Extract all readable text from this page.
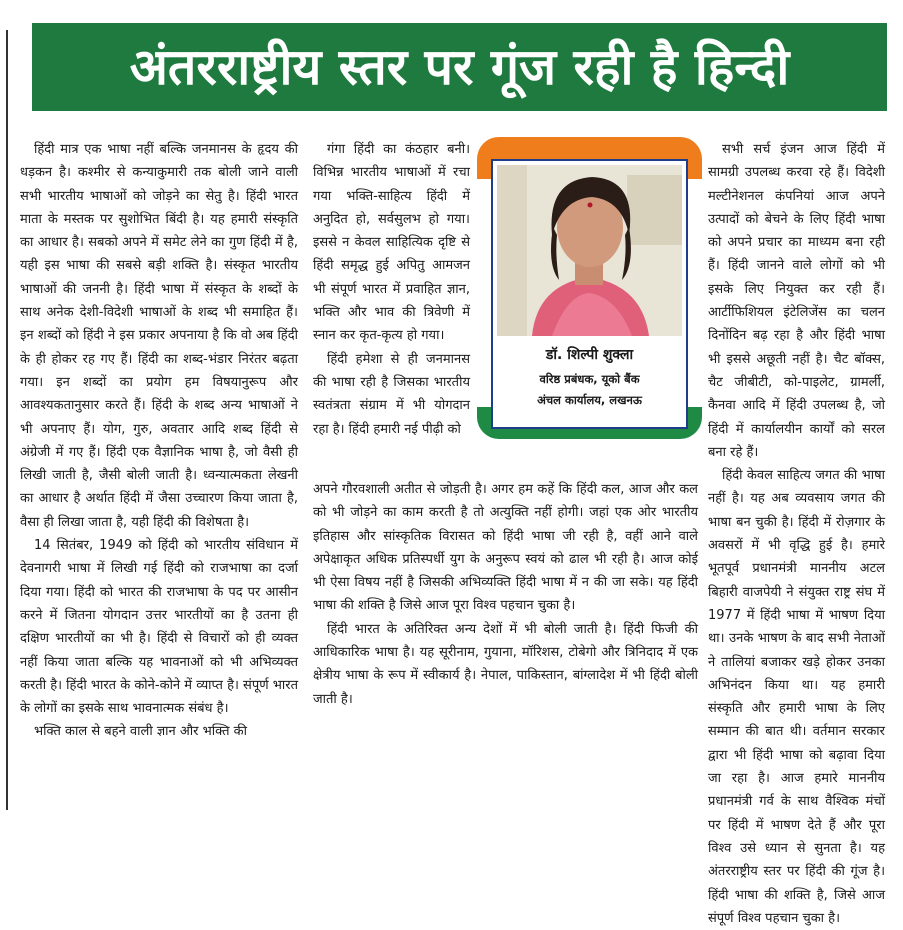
अंतरराष्ट्रीय स्तर पर गूंज रही है हिन्दी

हिंदी मात्र एक भाषा नहीं बल्कि जनमानस के हृदय की धड़कन है। कश्मीर से कन्याकुमारी तक बोली जाने वाली सभी भारतीय भाषाओं को जोड़ने का सेतु है। हिंदी भारत माता के मस्तक पर सुशोभित बिंदी है। यह हमारी संस्कृति का आधार है। सबको अपने में समेट लेने का गुण हिंदी में है, यही इस भाषा की सबसे बड़ी शक्ति है। संस्कृत भारतीय भाषाओं की जननी है। हिंदी भाषा में संस्कृत के शब्दों के साथ अनेक देशी-विदेशी भाषाओं के शब्द भी समाहित हैं। इन शब्दों को हिंदी ने इस प्रकार अपनाया है कि वो अब हिंदी के ही होकर रह गए हैं। हिंदी का शब्द-भंडार निरंतर बढ़ता गया। इन शब्दों का प्रयोग हम विषयानुरूप और आवश्यकतानुसार करते हैं। हिंदी के शब्द अन्य भाषाओं ने भी अपनाए हैं। योग, गुरु, अवतार आदि शब्द हिंदी से अंग्रेजी में गए हैं। हिंदी एक वैज्ञानिक भाषा है, जो वैसी ही लिखी जाती है, जैसी बोली जाती है। ध्वन्यात्मकता लेखनी का आधार है अर्थात हिंदी में जैसा उच्चारण किया जाता है, वैसा ही लिखा जाता है, यही हिंदी की विशेषता है।

14 सितंबर, 1949 को हिंदी को भारतीय संविधान में देवनागरी भाषा में लिखी गई हिंदी को राजभाषा का दर्जा दिया गया। हिंदी को भारत की राजभाषा के पद पर आसीन करने में जितना योगदान उत्तर भारतीयों का है उतना ही दक्षिण भारतीयों का भी है। हिंदी से विचारों को ही व्यक्त नहीं किया जाता बल्कि यह भावनाओं को भी अभिव्यक्त करती है। हिंदी भारत के कोने-कोने में व्याप्त है। संपूर्ण भारत के लोगों का इसके साथ भावनात्मक संबंध है।

भक्ति काल से बहने वाली ज्ञान और भक्ति की

गंगा हिंदी का कंठहार बनी। विभिन्न भारतीय भाषाओं में रचा गया भक्ति-साहित्य हिंदी में अनुदित हो, सर्वसुलभ हो गया। इससे न केवल साहित्यिक दृष्टि से हिंदी समृद्ध हुई अपितु आमजन भी संपूर्ण भारत में प्रवाहित ज्ञान, भक्ति और भाव की त्रिवेणी में स्नान कर कृत-कृत्य हो गया।

हिंदी हमेशा से ही जनमानस की भाषा रही है जिसका भारतीय स्वतंत्रता संग्राम में भी योगदान रहा है। हिंदी हमारी नई पीढ़ी को

डॉ. शिल्पी शुक्ला
वरिष्ठ प्रबंधक, यूको बैंक
अंचल कार्यालय, लखनऊ

सभी सर्च इंजन आज हिंदी में सामग्री उपलब्ध करवा रहे हैं। विदेशी मल्टीनेशनल कंपनियां आज अपने उत्पादों को बेचने के लिए हिंदी भाषा को अपने प्रचार का माध्यम बना रही हैं। हिंदी जानने वाले लोगों को भी इसके लिए नियुक्त कर रही हैं। आर्टीफिशियल इंटेलिजेंस का चलन दिनोंदिन बढ़ रहा है और हिंदी भाषा भी इससे अछूती नहीं है। चैट बॉक्स, चैट जीबीटी, को-पाइलेट, ग्रामर्ली, कैनवा आदि में हिंदी उपलब्ध है, जो हिंदी में कार्यालयीन कार्यों को सरल बना रहे हैं।

हिंदी केवल साहित्य जगत की भाषा नहीं है। यह अब व्यवसाय जगत की भाषा बन चुकी है। हिंदी में रोज़गार के अवसरों में भी वृद्धि हुई है। हमारे भूतपूर्व प्रधानमंत्री माननीय अटल बिहारी वाजपेयी ने संयुक्त राष्ट्र संघ में 1977 में हिंदी भाषा में भाषण दिया था। उनके भाषण के बाद सभी नेताओं ने तालियां बजाकर खड़े होकर उनका अभिनंदन किया था। यह हमारी संस्कृति और हमारी भाषा के लिए सम्मान की बात थी। वर्तमान सरकार द्वारा भी हिंदी भाषा को बढ़ावा दिया जा रहा है। आज हमारे माननीय प्रधानमंत्री गर्व के साथ वैश्विक मंचों पर हिंदी में भाषण देते हैं और पूरा विश्व उसे ध्यान से सुनता है। यह अंतरराष्ट्रीय स्तर पर हिंदी की गूंज है। हिंदी भाषा की शक्ति है, जिसे आज संपूर्ण विश्व पहचान चुका है।

अपने गौरवशाली अतीत से जोड़ती है। अगर हम कहें कि हिंदी कल, आज और कल को भी जोड़ने का काम करती है तो अत्युक्ति नहीं होगी। जहां एक ओर भारतीय इतिहास और सांस्कृतिक विरासत को हिंदी भाषा जी रही है, वहीं आने वाले अपेक्षाकृत अधिक प्रतिस्पर्धी युग के अनुरूप स्वयं को ढाल भी रही है। आज कोई भी ऐसा विषय नहीं है जिसकी अभिव्यक्ति हिंदी भाषा में न की जा सके। यह हिंदी भाषा की शक्ति है जिसे आज पूरा विश्व पहचान चुका है।

हिंदी भारत के अतिरिक्त अन्य देशों में भी बोली जाती है। हिंदी फिजी की आधिकारिक भाषा है। यह सूरीनाम, गुयाना, मॉरिशस, टोबेगो और त्रिनिदाद में एक क्षेत्रीय भाषा के रूप में स्वीकार्य है। नेपाल, पाकिस्तान, बांग्लादेश में भी हिंदी बोली जाती है।
